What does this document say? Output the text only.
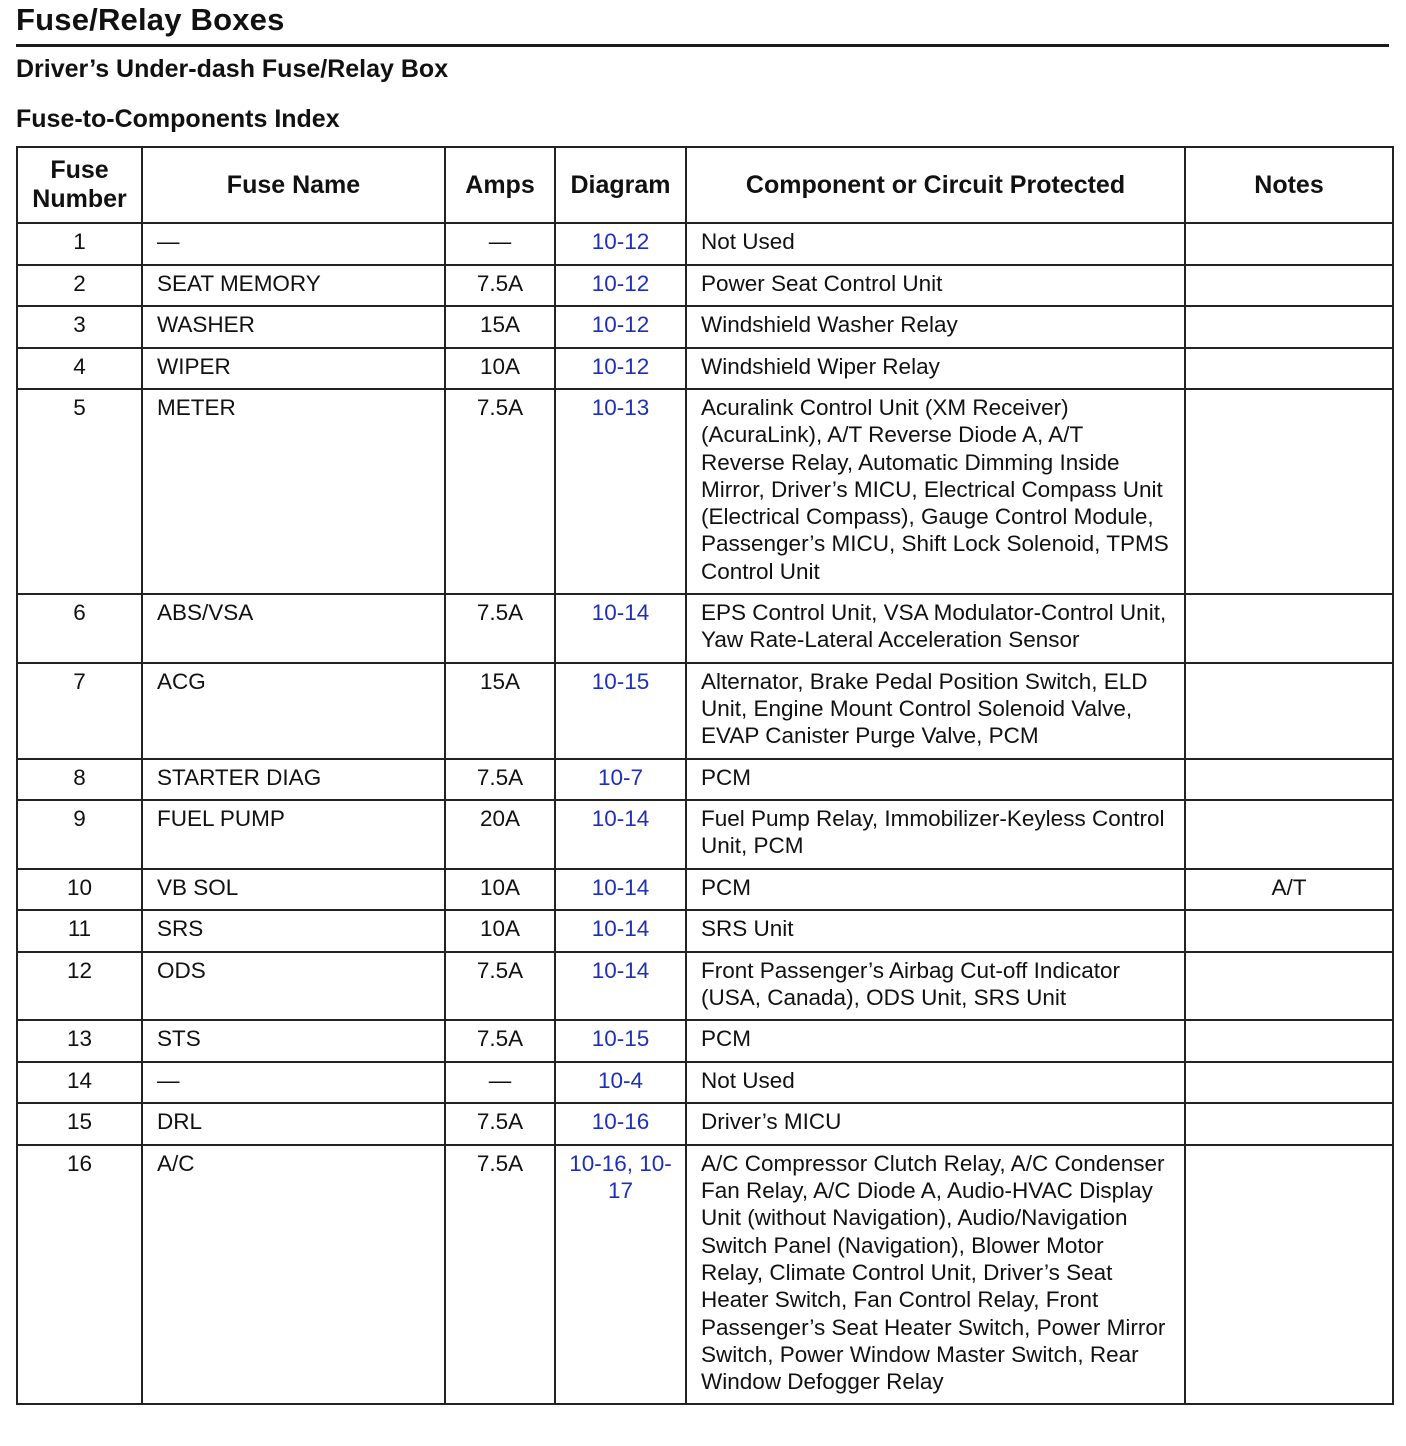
Fuse/Relay Boxes
Driver’s Under-dash Fuse/Relay Box
Fuse-to-Components Index
Fuse Number	Fuse Name	Amps	Diagram	Component or Circuit Protected	Notes
1	—	—	10-12	Not Used	
2	SEAT MEMORY	7.5A	10-12	Power Seat Control Unit	
3	WASHER	15A	10-12	Windshield Washer Relay	
4	WIPER	10A	10-12	Windshield Wiper Relay	
5	METER	7.5A	10-13	Acuralink Control Unit (XM Receiver) (AcuraLink), A/T Reverse Diode A, A/T Reverse Relay, Automatic Dimming Inside Mirror, Driver’s MICU, Electrical Compass Unit (Electrical Compass), Gauge Control Module, Passenger’s MICU, Shift Lock Solenoid, TPMS Control Unit	
6	ABS/VSA	7.5A	10-14	EPS Control Unit, VSA Modulator-Control Unit, Yaw Rate-Lateral Acceleration Sensor	
7	ACG	15A	10-15	Alternator, Brake Pedal Position Switch, ELD Unit, Engine Mount Control Solenoid Valve, EVAP Canister Purge Valve, PCM	
8	STARTER DIAG	7.5A	10-7	PCM	
9	FUEL PUMP	20A	10-14	Fuel Pump Relay, Immobilizer-Keyless Control Unit, PCM	
10	VB SOL	10A	10-14	PCM	A/T
11	SRS	10A	10-14	SRS Unit	
12	ODS	7.5A	10-14	Front Passenger’s Airbag Cut-off Indicator (USA, Canada), ODS Unit, SRS Unit	
13	STS	7.5A	10-15	PCM	
14	—	—	10-4	Not Used	
15	DRL	7.5A	10-16	Driver’s MICU	
16	A/C	7.5A	10-16, 10-17	A/C Compressor Clutch Relay, A/C Condenser Fan Relay, A/C Diode A, Audio-HVAC Display Unit (without Navigation), Audio/Navigation Switch Panel (Navigation), Blower Motor Relay, Climate Control Unit, Driver’s Seat Heater Switch, Fan Control Relay, Front Passenger’s Seat Heater Switch, Power Mirror Switch, Power Window Master Switch, Rear Window Defogger Relay	
